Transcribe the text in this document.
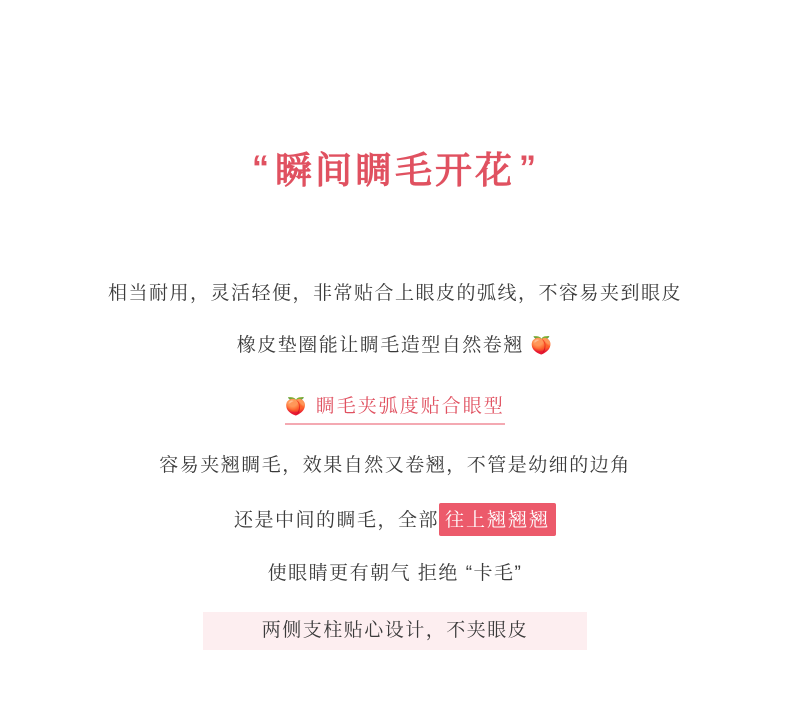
“ 瞬间睭毛开花 ”
相当耐用，灵活轻便，非常贴合上眼皮的弧线，不容易夹到眼皮
橡皮垫圈能让睭毛造型自然卷翘 🍑
🍑 睭毛夹弧度贴合眼型
容易夹翘睭毛，效果自然又卷翘，不管是幼细的边角
还是中间的睭毛，全部 往上翘翘翘
使眼睛更有朝气 拒绝 “卡毛”
两侧支柱贴心设计，不夹眼皮
